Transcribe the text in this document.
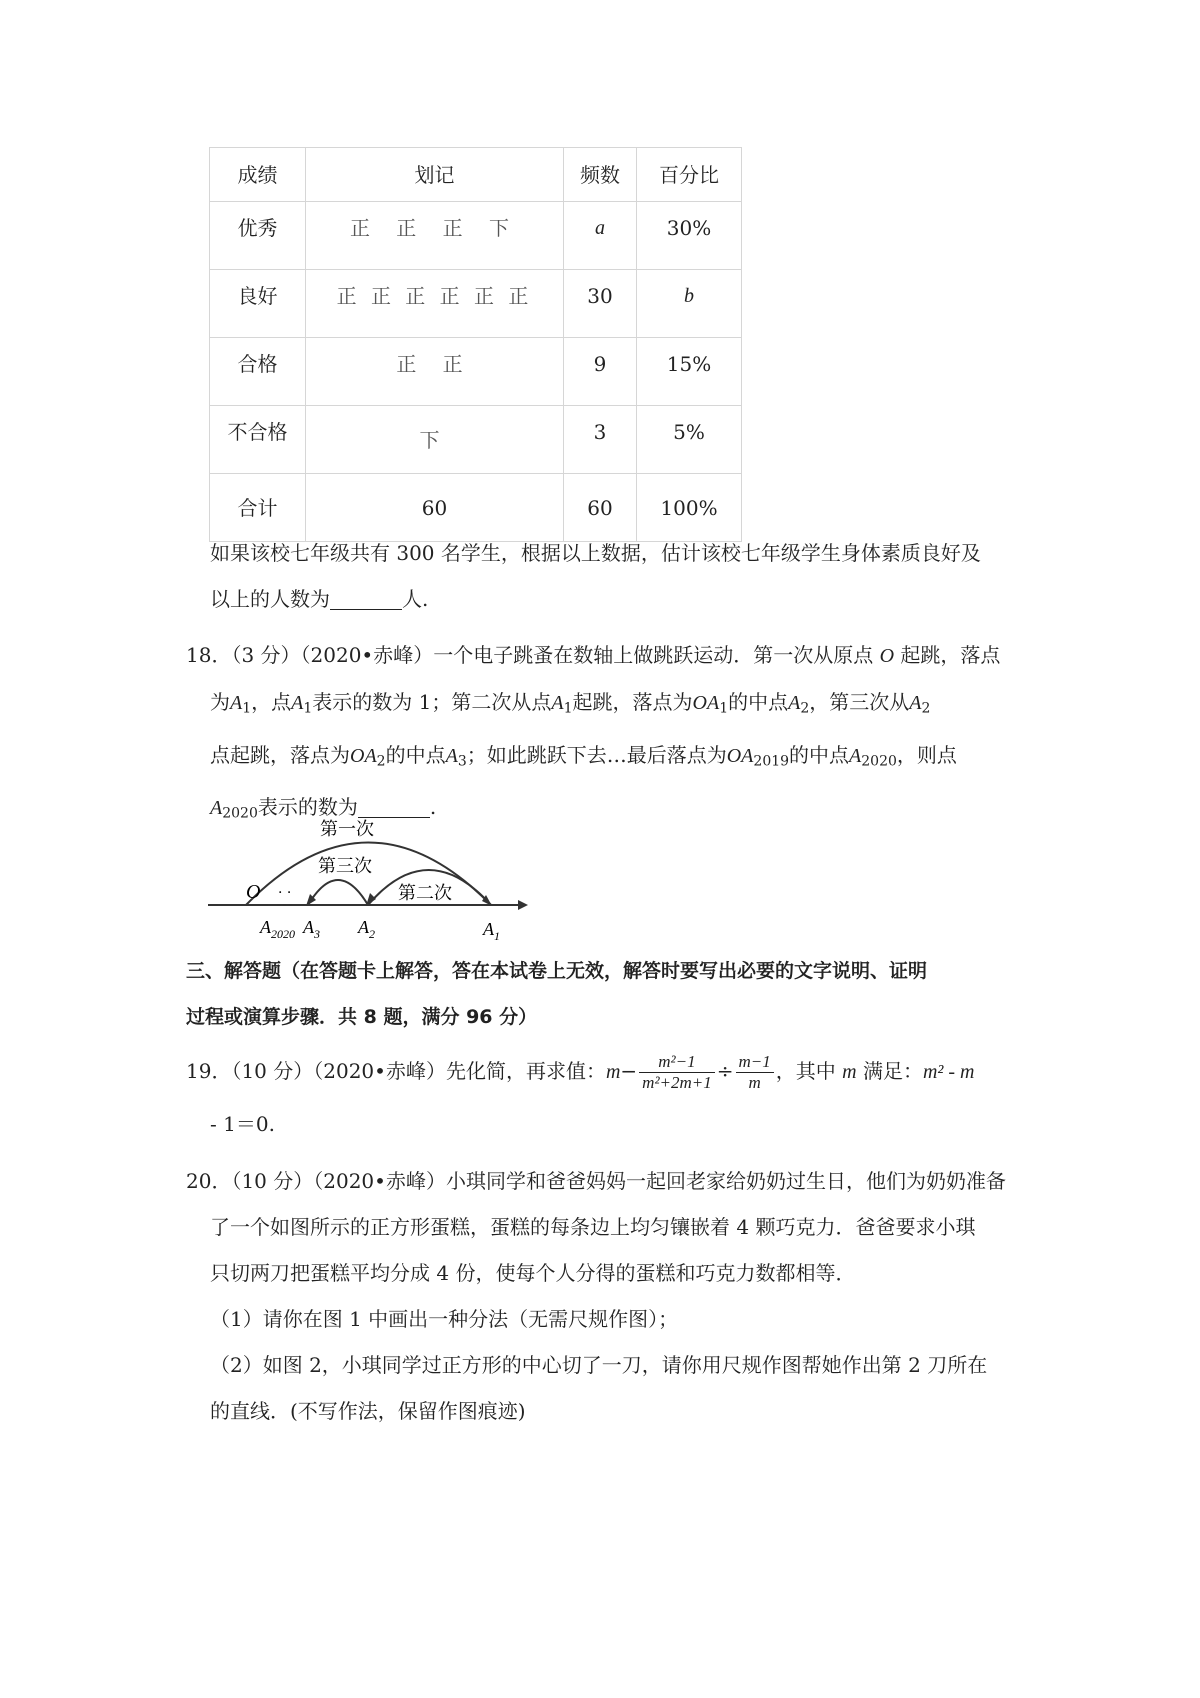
成绩	划记	频数	百分比
优秀	正 正 正 下	a	30%
良好	正 正 正 正 正 正	30	b
合格	正 正	9	15%
不合格	下	3	5%
合计	60	60	100%
如果该校七年级共有 300 名学生，根据以上数据，估计该校七年级学生身体素质良好及
以上的人数为	人.
18．（3 分）（2020•赤峰）一个电子跳蚤在数轴上做跳跃运动．第一次从原点 O 起跳，落点
为$A_1$，点$A_1$表示的数为 1；第二次从点$A_1$起跳，落点为$OA_1$的中点$A_2$，第三次从$A_2$
点起跳，落点为$OA_2$的中点$A_3$；如此跳跃下去…最后落点为$OA_{2019}$的中点$A_{2020}$，则点
$A_{2020}$表示的数为	.
第一次
第三次
第二次
O · ·
$A_{2020}$ $A_3$ $A_2$	$A_1$
三、解答题（在答题卡上解答，答在本试卷上无效，解答时要写出必要的文字说明、证明
过程或演算步骤．共 8 题，满分 96 分）
19．（10 分）（2020•赤峰）先化简，再求值：$m- \frac{\text{m²−1}}{\text{m²+2m+1}} \div \frac{m-1}{m}$ ，其中 m 满足：m² - m
- 1＝0.
20．（10 分）（2020•赤峰）小琪同学和爸爸妈妈一起回老家给奶奶过生日，他们为奶奶准备
了一个如图所示的正方形蛋糕，蛋糕的每条边上均匀镶嵌着 4 颗巧克力．爸爸要求小琪
只切两刀把蛋糕平均分成 4 份，使每个人分得的蛋糕和巧克力数都相等．
（1）请你在图 1 中画出一种分法（无需尺规作图）；
（2）如图 2，小琪同学过正方形的中心切了一刀，请你用尺规作图帮她作出第 2 刀所在
的直线．(不写作法，保留作图痕迹)
